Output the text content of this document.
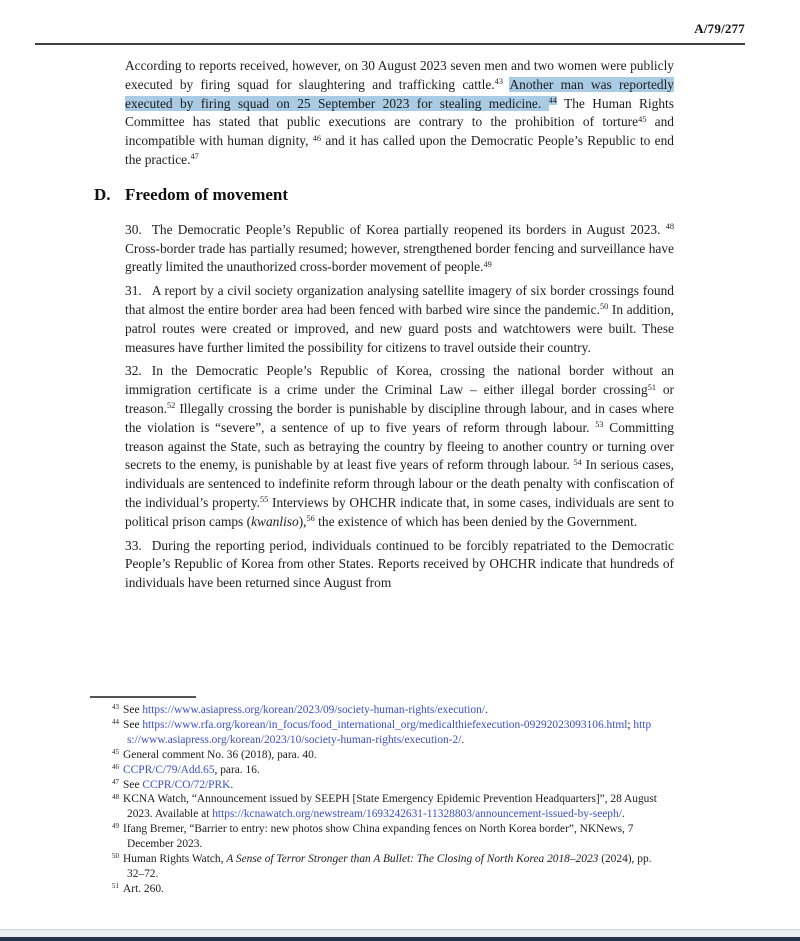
A/79/277

According to reports received, however, on 30 August 2023 seven men and two women were publicly executed by firing squad for slaughtering and trafficking cattle.$^{43}$ Another man was reportedly executed by firing squad on 25 September 2023 for stealing medicine. $^{44}$ The Human Rights Committee has stated that public executions are contrary to the prohibition of torture$^{45}$ and incompatible with human dignity, $^{46}$ and it has called upon the Democratic People’s Republic to end the practice.$^{47}$

D. Freedom of movement

30. The Democratic People’s Republic of Korea partially reopened its borders in August 2023. $^{48}$ Cross-border trade has partially resumed; however, strengthened border fencing and surveillance have greatly limited the unauthorized cross-border movement of people.$^{49}$

31. A report by a civil society organization analysing satellite imagery of six border crossings found that almost the entire border area had been fenced with barbed wire since the pandemic.$^{50}$ In addition, patrol routes were created or improved, and new guard posts and watchtowers were built. These measures have further limited the possibility for citizens to travel outside their country.

32. In the Democratic People’s Republic of Korea, crossing the national border without an immigration certificate is a crime under the Criminal Law – either illegal border crossing$^{51}$ or treason.$^{52}$ Illegally crossing the border is punishable by discipline through labour, and in cases where the violation is “severe”, a sentence of up to five years of reform through labour. $^{53}$ Committing treason against the State, such as betraying the country by fleeing to another country or turning over secrets to the enemy, is punishable by at least five years of reform through labour. $^{54}$ In serious cases, individuals are sentenced to indefinite reform through labour or the death penalty with confiscation of the individual’s property.$^{55}$ Interviews by OHCHR indicate that, in some cases, individuals are sent to political prison camps (kwanliso),$^{56}$ the existence of which has been denied by the Government.

33. During the reporting period, individuals continued to be forcibly repatriated to the Democratic People’s Republic of Korea from other States. Reports received by OHCHR indicate that hundreds of individuals have been returned since August from

$^{43}$ See https://www.asiapress.org/korean/2023/09/society-human-rights/execution/.
$^{44}$ See https://www.rfa.org/korean/in_focus/food_international_org/medicalthiefexecution-09292023093106.html; https://www.asiapress.org/korean/2023/10/society-human-rights/execution-2/.
$^{45}$ General comment No. 36 (2018), para. 40.
$^{46}$ CCPR/C/79/Add.65, para. 16.
$^{47}$ See CCPR/CO/72/PRK.
$^{48}$ KCNA Watch, “Announcement issued by SEEPH [State Emergency Epidemic Prevention Headquarters]”, 28 August 2023. Available at https://kcnawatch.org/newstream/1693242631-11328803/announcement-issued-by-seeph/.
$^{49}$ Ifang Bremer, “Barrier to entry: new photos show China expanding fences on North Korea border”, NKNews, 7 December 2023.
$^{50}$ Human Rights Watch, A Sense of Terror Stronger than A Bullet: The Closing of North Korea 2018–2023 (2024), pp. 32–72.
$^{51}$ Art. 260.
